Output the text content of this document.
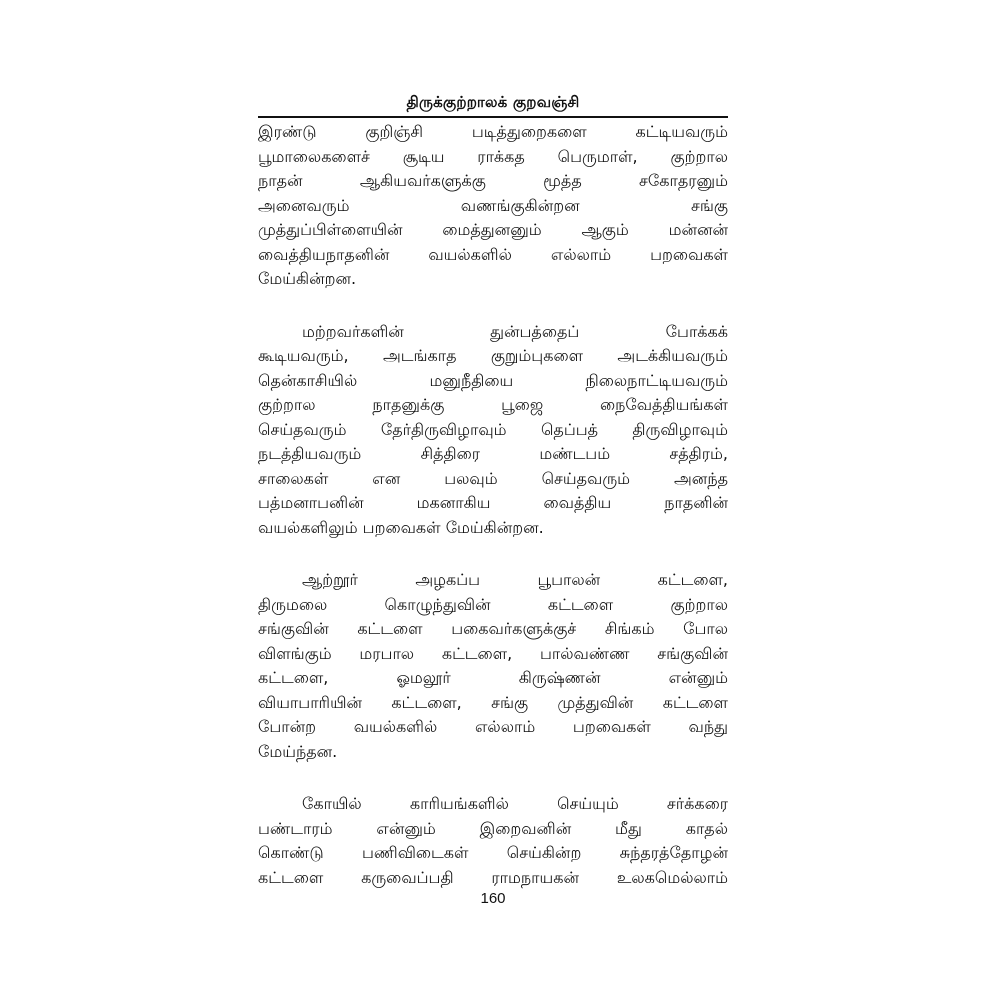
திருக்குற்றாலக் குறவஞ்சி
இரண்டு குறிஞ்சி படித்துறைகளை கட்டியவரும்
பூமாலைகளைச் சூடிய ராக்கத பெருமாள், குற்றால
நாதன் ஆகியவர்களுக்கு மூத்த சகோதரனும்
அனைவரும் வணங்குகின்றன சங்கு
முத்துப்பிள்ளையின் மைத்துனனும் ஆகும் மன்னன்
வைத்தியநாதனின் வயல்களில் எல்லாம் பறவைகள்
மேய்கின்றன.
மற்றவர்களின் துன்பத்தைப் போக்கக்
கூடியவரும், அடங்காத குறும்புகளை அடக்கியவரும்
தென்காசியில் மனுநீதியை நிலைநாட்டியவரும்
குற்றால நாதனுக்கு பூஜை நைவேத்தியங்கள்
செய்தவரும் தேர்திருவிழாவும் தெப்பத் திருவிழாவும்
நடத்தியவரும் சித்திரை மண்டபம் சத்திரம்,
சாலைகள் என பலவும் செய்தவரும் அனந்த
பத்மனாபனின் மகனாகிய வைத்திய நாதனின்
வயல்களிலும் பறவைகள் மேய்கின்றன.
ஆற்றூர் அழகப்ப பூபாலன் கட்டளை,
திருமலை கொழுந்துவின் கட்டளை குற்றால
சங்குவின் கட்டளை பகைவர்களுக்குச் சிங்கம் போல
விளங்கும் மரபால கட்டளை, பால்வண்ண சங்குவின்
கட்டளை, ஓமலூர் கிருஷ்ணன் என்னும்
வியாபாரியின் கட்டளை, சங்கு முத்துவின் கட்டளை
போன்ற வயல்களில் எல்லாம் பறவைகள் வந்து
மேய்ந்தன.
கோயில் காரியங்களில் செய்யும் சர்க்கரை
பண்டாரம் என்னும் இறைவனின் மீது காதல்
கொண்டு பணிவிடைகள் செய்கின்ற சுந்தரத்தோழன்
கட்டளை கருவைப்பதி ராமநாயகன் உலகமெல்லாம்
160
